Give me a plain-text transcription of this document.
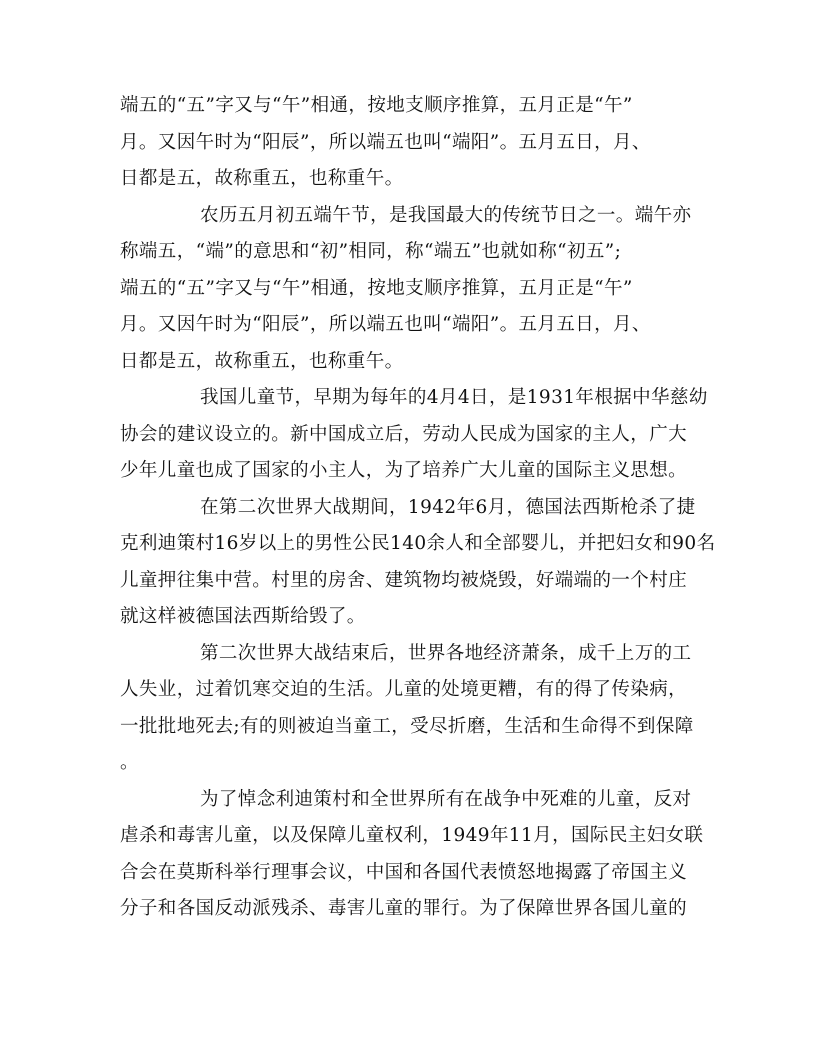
端五的“五”字又与“午”相通，按地支顺序推算，五月正是“午”
月。又因午时为“阳辰”，所以端五也叫“端阳”。五月五日，月、
日都是五，故称重五，也称重午。
农历五月初五端午节，是我国最大的传统节日之一。端午亦
称端五，“端”的意思和“初”相同，称“端五”也就如称“初五”;
端五的“五”字又与“午”相通，按地支顺序推算，五月正是“午”
月。又因午时为“阳辰”，所以端五也叫“端阳”。五月五日，月、
日都是五，故称重五，也称重午。
我国儿童节，早期为每年的4月4日，是1931年根据中华慈幼
协会的建议设立的。新中国成立后，劳动人民成为国家的主人，广大
少年儿童也成了国家的小主人，为了培养广大儿童的国际主义思想。
在第二次世界大战期间，1942年6月，德国法西斯枪杀了捷
克利迪策村16岁以上的男性公民140余人和全部婴儿，并把妇女和90名
儿童押往集中营。村里的房舍、建筑物均被烧毁，好端端的一个村庄
就这样被德国法西斯给毁了。
第二次世界大战结束后，世界各地经济萧条，成千上万的工
人失业，过着饥寒交迫的生活。儿童的处境更糟，有的得了传染病，
一批批地死去;有的则被迫当童工，受尽折磨，生活和生命得不到保障
。
为了悼念利迪策村和全世界所有在战争中死难的儿童，反对
虐杀和毒害儿童，以及保障儿童权利，1949年11月，国际民主妇女联
合会在莫斯科举行理事会议，中国和各国代表愤怒地揭露了帝国主义
分子和各国反动派残杀、毒害儿童的罪行。为了保障世界各国儿童的
